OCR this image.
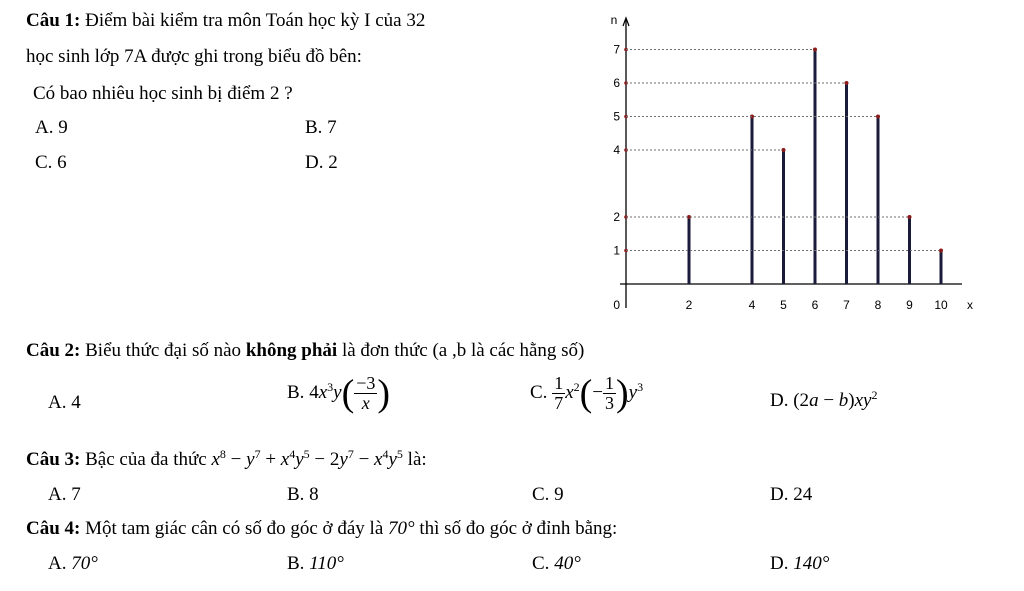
Câu 1: Điểm bài kiểm tra môn Toán học kỳ I của 32
học sinh lớp 7A được ghi trong biểu đồ bên:
Có bao nhiêu học sinh bị điểm 2 ?
A. 9	B. 7
C. 6	D. 2
n
x
0
1
2
4
5
6
7
2	4 5 6 7 8 9 10
Câu 2: Biểu thức đại số nào không phải là đơn thức (a ,b là các hằng số)
A. 4	B. $4x^3y( \frac{-3}{x}$ )	C.
$\frac{1}{7} x^2(- \frac{1}{3} )y^3$
D. $(2a - b)xy^2$
Câu 3: Bậc của đa thức $x^8 - y^7 + x^4y^5 - 2y^7 - x^4y^5$ là:
A. 7	B. 8	C. 9	D. 24
Câu 4: Một tam giác cân có số đo góc ở đáy là 70° thì số đo góc ở đỉnh bằng:
A. 70°	B. 110°	C. 40°	D. 140°
